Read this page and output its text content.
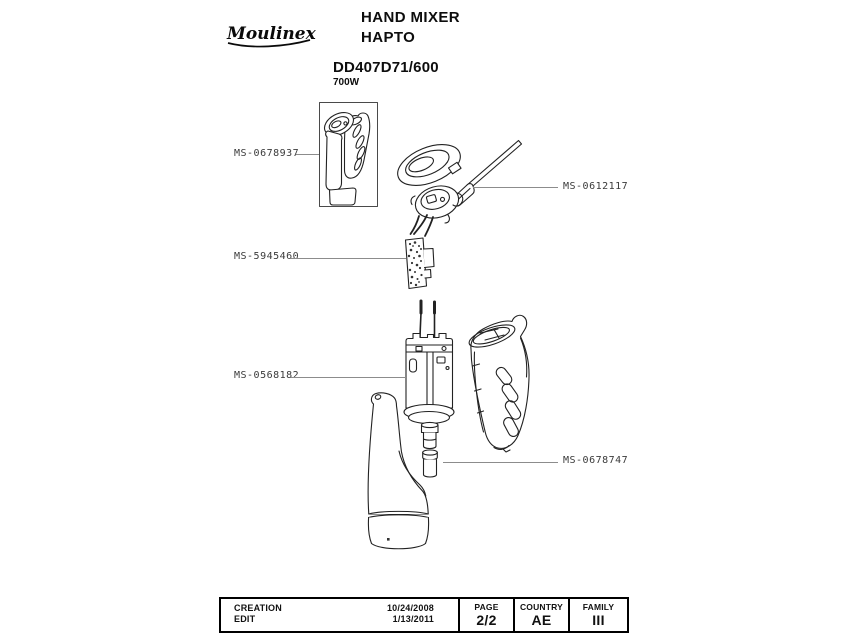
Moulinex
HAND MIXER
HAPTO
DD407D71/600
700W
MS-0678937
MS-0612117
MS-5945460
MS-0568182
MS-0678747
CREATION	10/24/2008
EDIT	1/13/2011
PAGE
2/2
COUNTRY
AE
FAMILY
III
